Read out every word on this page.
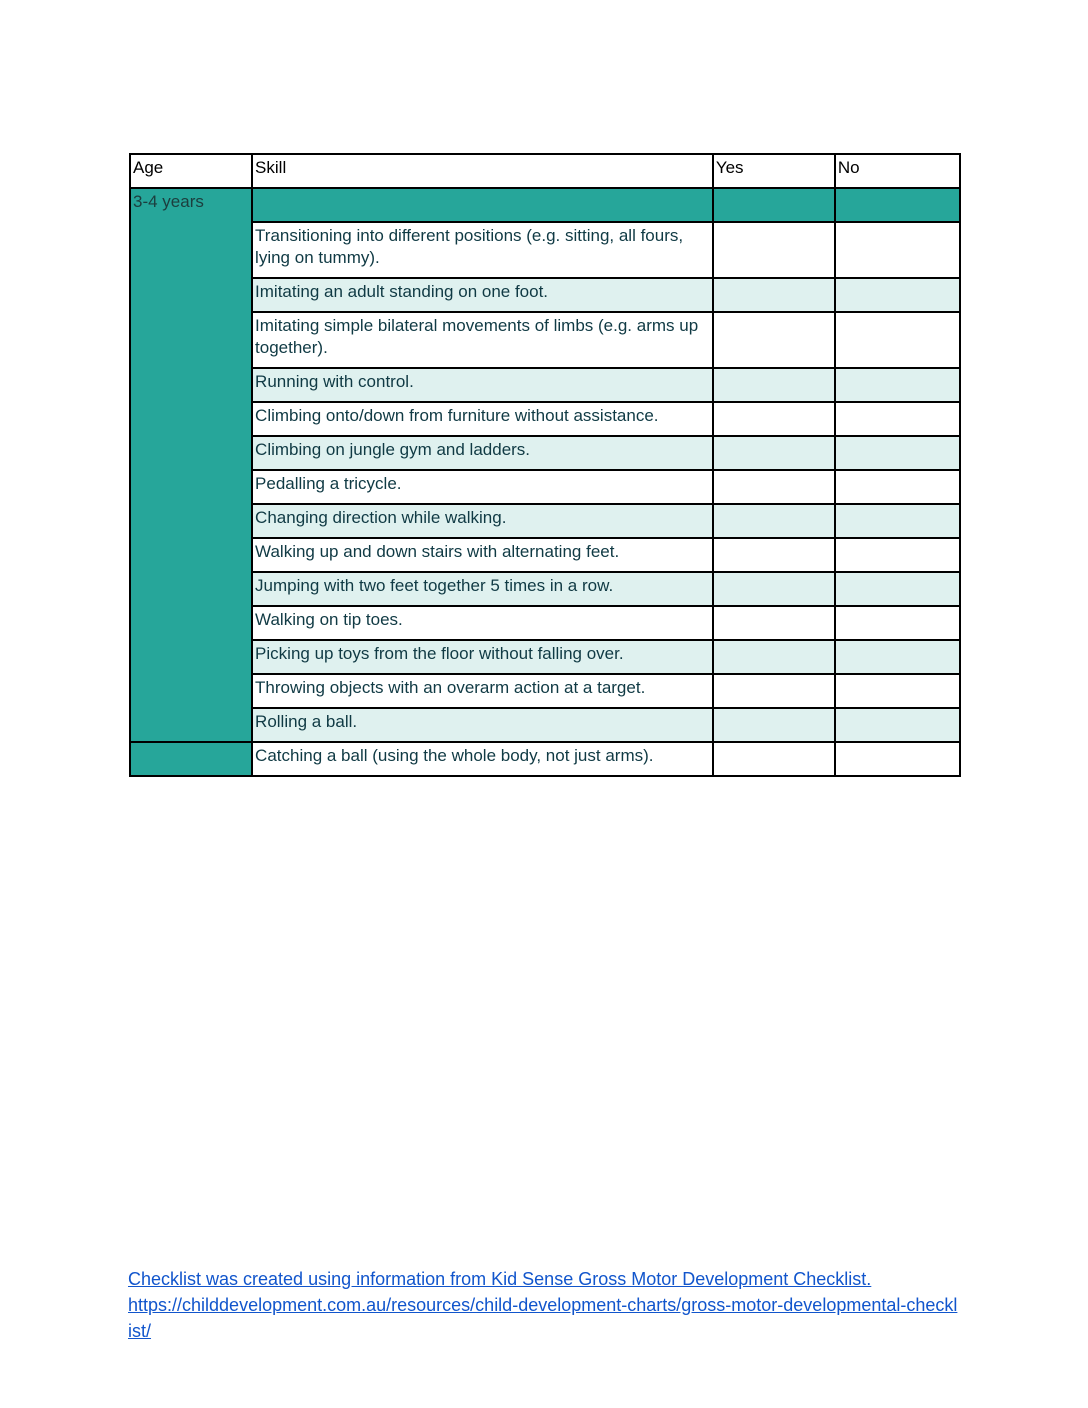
Age	Skill	Yes	No
3-4 years			
	Transitioning into different positions (e.g. sitting, all fours, lying on tummy).		
	Imitating an adult standing on one foot.		
	Imitating simple bilateral movements of limbs (e.g. arms up together).		
	Running with control.		
	Climbing onto/down from furniture without assistance.		
	Climbing on jungle gym and ladders.		
	Pedalling a tricycle.		
	Changing direction while walking.		
	Walking up and down stairs with alternating feet.		
	Jumping with two feet together 5 times in a row.		
	Walking on tip toes.		
	Picking up toys from the floor without falling over.		
	Throwing objects with an overarm action at a target.		
	Rolling a ball.		
	Catching a ball (using the whole body, not just arms).		
Checklist was created using information from Kid Sense Gross Motor Development Checklist.
https://childdevelopment.com.au/resources/child-development-charts/gross-motor-developmental-checklist/
